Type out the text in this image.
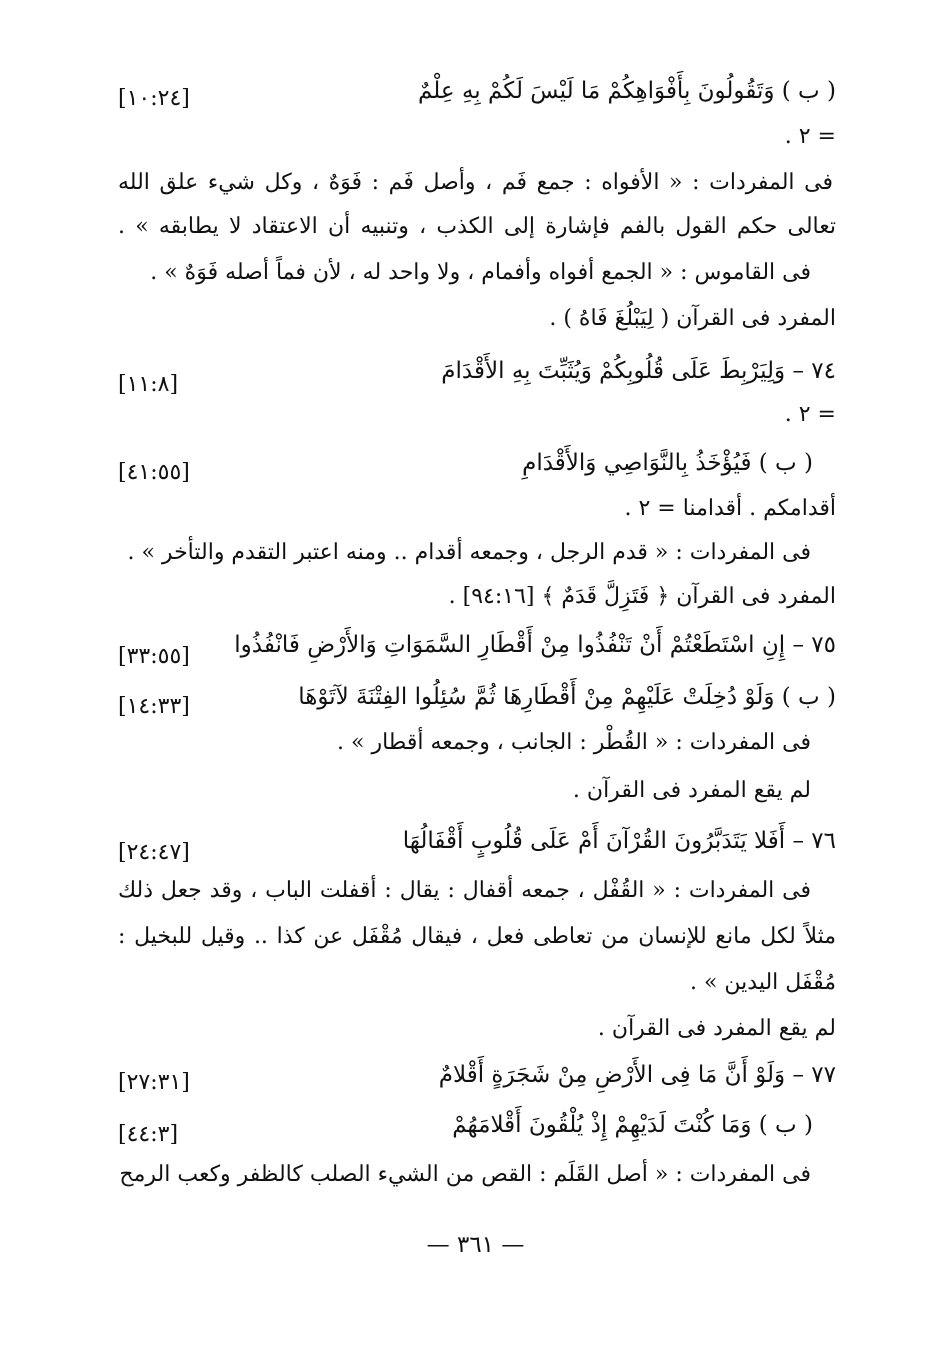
( ب ) وَتَقُولُونَ بِأَفْوَاهِكُمْ مَا لَيْسَ لَكُمْ بِهِ عِلْمٌ
[١٠:٢٤]
= ٢ .
فى المفردات : « الأفواه : جمع فَم ، وأصل فَم : فَوَهٌ ، وكل شيء علق الله
تعالى حكم القول بالفم فإشارة إلى الكذب ، وتنبيه أن الاعتقاد لا يطابقه » .
فى القاموس : « الجمع أفواه وأفمام ، ولا واحد له ، لأن فماً أصله فَوَهٌ » .
المفرد فى القرآن ( لِيَبْلُغَ فَاهُ ) .
٧٤ – وَلِيَرْبِطَ عَلَى قُلُوبِكُمْ وَيُثَبِّتَ بِهِ الأَقْدَامَ
[١١:٨]
= ٢ .
( ب ) فَيُؤْخَذُ بِالنَّوَاصِي وَالأَقْدَامِ
[٤١:٥٥]
أقدامكم . أقدامنا = ٢ .
فى المفردات : « قدم الرجل ، وجمعه أقدام .. ومنه اعتبر التقدم والتأخر » .
المفرد فى القرآن ﴿ فَتَزِلَّ قَدَمٌ ﴾ [٩٤:١٦] .
٧٥ – إِنِ اسْتَطَعْتُمْ أَنْ تَنْفُذُوا مِنْ أَقْطَارِ السَّمَوَاتِ وَالأَرْضِ فَانْفُذُوا
[٣٣:٥٥]
( ب ) وَلَوْ دُخِلَتْ عَلَيْهِمْ مِنْ أَقْطَارِهَا ثُمَّ سُئِلُوا الفِتْنَةَ لآتَوْهَا
[١٤:٣٣]
فى المفردات : « القُطْر : الجانب ، وجمعه أقطار » .
لم يقع المفرد فى القرآن .
٧٦ – أَفَلا يَتَدَبَّرُونَ القُرْآنَ أَمْ عَلَى قُلُوبٍ أَقْفَالُهَا
[٢٤:٤٧]
فى المفردات : « القُفْل ، جمعه أقفال : يقال : أقفلت الباب ، وقد جعل ذلك
مثلاً لكل مانع للإنسان من تعاطى فعل ، فيقال مُقْفَل عن كذا .. وقيل للبخيل :
مُقْفَل اليدين » .
لم يقع المفرد فى القرآن .
٧٧ – وَلَوْ أَنَّ مَا فِى الأَرْضِ مِنْ شَجَرَةٍ أَقْلامٌ
[٢٧:٣١]
( ب ) وَمَا كُنْتَ لَدَيْهِمْ إِذْ يُلْقُونَ أَقْلامَهُمْ
[٤٤:٣]
فى المفردات : « أصل القَلَم : القص من الشيء الصلب كالظفر وكعب الرمح
— ٣٦١ —
